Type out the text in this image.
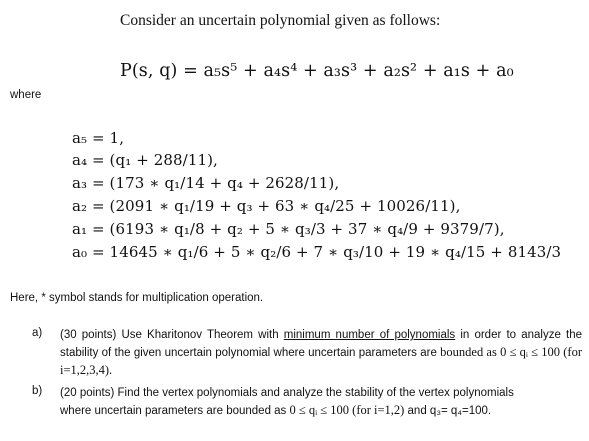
Consider an uncertain polynomial given as follows:
P(s, q) = a₅s⁵ + a₄s⁴ + a₃s³ + a₂s² + a₁s + a₀
where
a₅ = 1,
a₄ = (q₁ + 288/11),
a₃ = (173 ∗ q₁/14 + q₄ + 2628/11),
a₂ = (2091 ∗ q₁/19 + q₃ + 63 ∗ q₄/25 + 10026/11),
a₁ = (6193 ∗ q₁/8 + q₂ + 5 ∗ q₃/3 + 37 ∗ q₄/9 + 9379/7),
a₀ = 14645 ∗ q₁/6 + 5 ∗ q₂/6 + 7 ∗ q₃/10 + 19 ∗ q₄/15 + 8143/3
Here, * symbol stands for multiplication operation.
a) (30 points) Use Kharitonov Theorem with minimum number of polynomials in order to analyze the stability of the given uncertain polynomial where uncertain parameters are bounded as 0 ≤ qᵢ ≤ 100 (for i=1,2,3,4).
b) (20 points) Find the vertex polynomials and analyze the stability of the vertex polynomials
where uncertain parameters are bounded as 0 ≤ qᵢ ≤ 100 (for i=1,2) and q₃= q₄=100.
